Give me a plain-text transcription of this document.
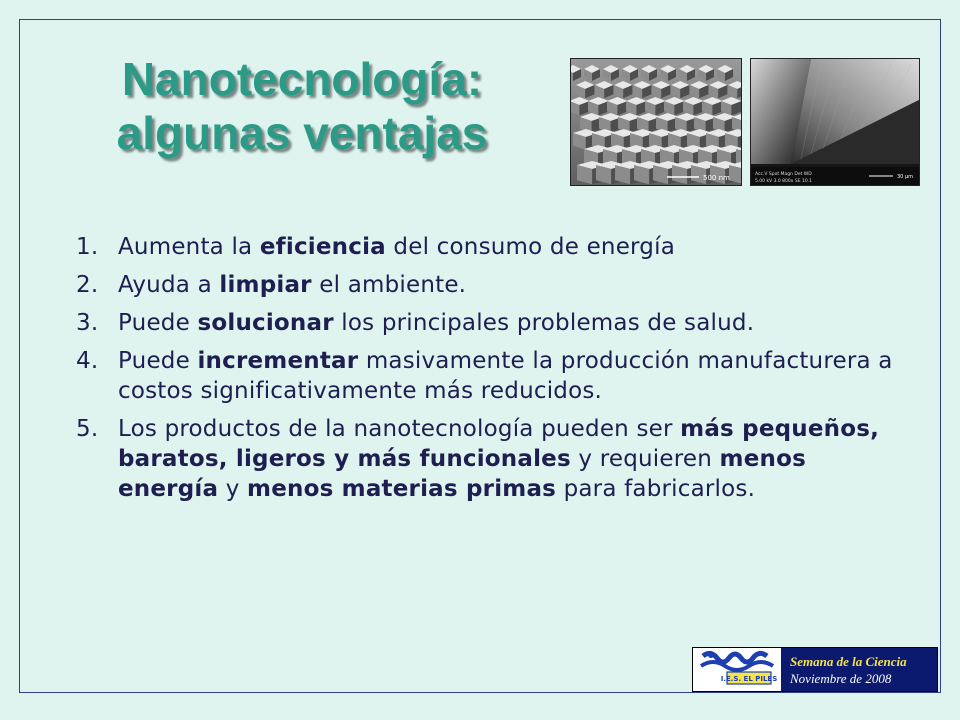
Nanotecnología:
algunas ventajas
500 nm	Acc.V Spot Magn Det WD
5.00 kV 3.0 800x SE 10.1
30 µm
1. Aumenta la eficiencia del consumo de energía
2. Ayuda a limpiar el ambiente.
3. Puede solucionar los principales problemas de salud.
4. Puede incrementar masivamente la producción manufacturera a costos significativamente más reducidos.
5. Los productos de la nanotecnología pueden ser más pequeños, baratos, ligeros y más funcionales y requieren menos energía y menos materias primas para fabricarlos.
I.E.S. EL PILES
Semana de la Ciencia
Noviembre de 2008
